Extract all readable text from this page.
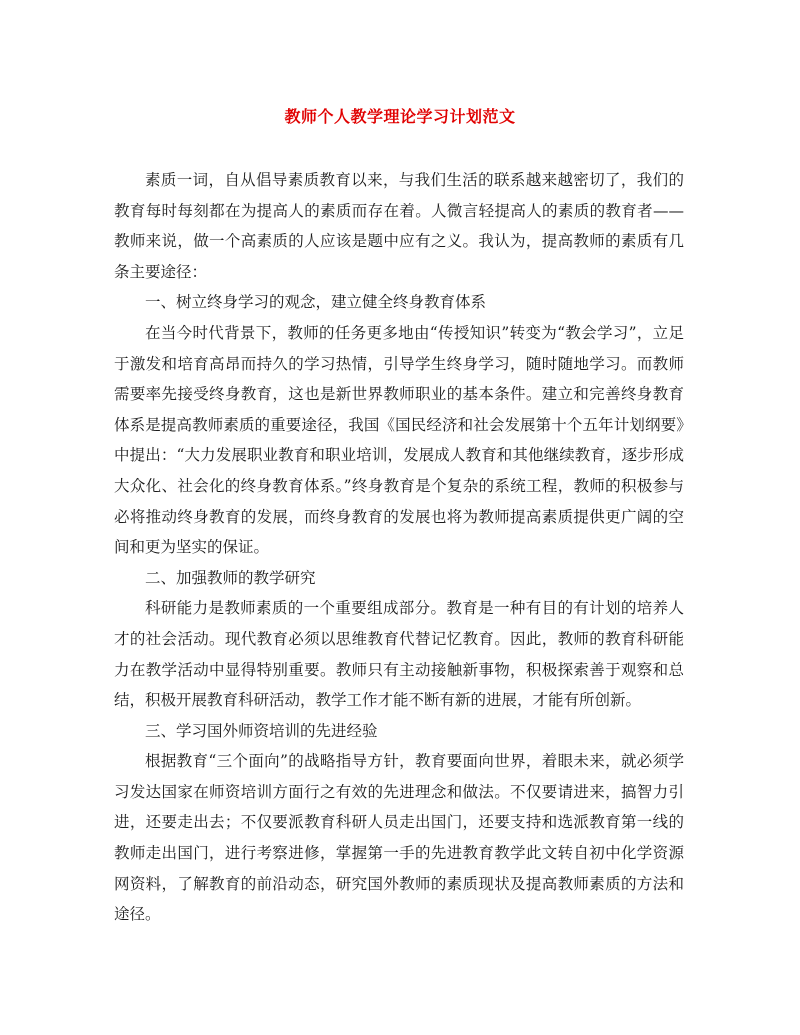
教师个人教学理论学习计划范文

素质一词，自从倡导素质教育以来，与我们生活的联系越来越密切了，我们的教育每时每刻都在为提高人的素质而存在着。人微言轻提高人的素质的教育者——教师来说，做一个高素质的人应该是题中应有之义。我认为，提高教师的素质有几条主要途径：

一、树立终身学习的观念，建立健全终身教育体系

在当今时代背景下，教师的任务更多地由“传授知识”转变为“教会学习”，立足于激发和培育高昂而持久的学习热情，引导学生终身学习，随时随地学习。而教师需要率先接受终身教育，这也是新世界教师职业的基本条件。建立和完善终身教育体系是提高教师素质的重要途径，我国《国民经济和社会发展第十个五年计划纲要》中提出：“大力发展职业教育和职业培训，发展成人教育和其他继续教育，逐步形成大众化、社会化的终身教育体系。”终身教育是个复杂的系统工程，教师的积极参与必将推动终身教育的发展，而终身教育的发展也将为教师提高素质提供更广阔的空间和更为坚实的保证。

二、加强教师的教学研究

科研能力是教师素质的一个重要组成部分。教育是一种有目的有计划的培养人才的社会活动。现代教育必须以思维教育代替记忆教育。因此，教师的教育科研能力在教学活动中显得特别重要。教师只有主动接触新事物，积极探索善于观察和总结，积极开展教育科研活动，教学工作才能不断有新的进展，才能有所创新。

三、学习国外师资培训的先进经验

根据教育“三个面向”的战略指导方针，教育要面向世界，着眼未来，就必须学习发达国家在师资培训方面行之有效的先进理念和做法。不仅要请进来，搞智力引进，还要走出去；不仅要派教育科研人员走出国门，还要支持和选派教育第一线的教师走出国门，进行考察进修，掌握第一手的先进教育教学此文转自初中化学资源网资料，了解教育的前沿动态，研究国外教师的素质现状及提高教师素质的方法和途径。
